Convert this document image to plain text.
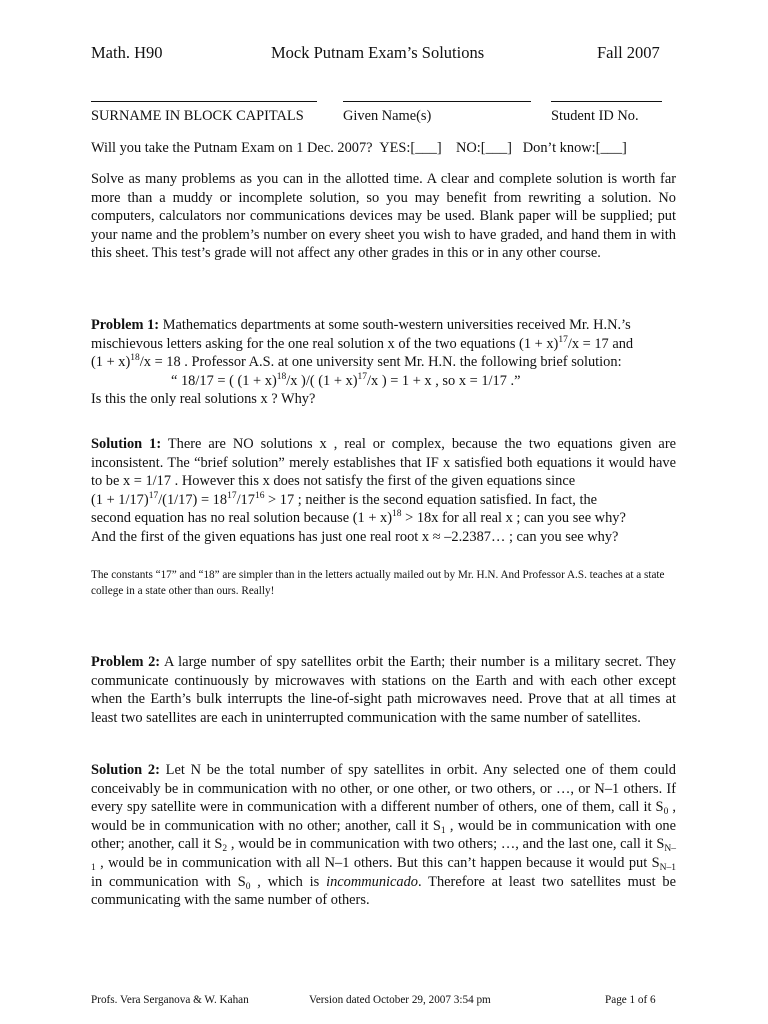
Math. H90	Mock Putnam Exam’s Solutions	Fall 2007
SURNAME IN BLOCK CAPITALS	Given Name(s)	Student ID No.
Will you take the Putnam Exam on 1 Dec. 2007? YES:[___] NO:[___] Don’t know:[___]
Solve as many problems as you can in the allotted time. A clear and complete solution is worth far more than a muddy or incomplete solution, so you may benefit from rewriting a solution. No computers, calculators nor communications devices may be used. Blank paper will be supplied; put your name and the problem’s number on every sheet you wish to have graded, and hand them in with this sheet. This test’s grade will not affect any other grades in this or in any other course.
Problem 1: Mathematics departments at some south-western universities received Mr. H.N.’s
mischievous letters asking for the one real solution x of the two equations $(1 + x)^{17}/x = 17$ and
$(1 + x)^{18}/x = 18$ . Professor A.S. at one university sent Mr. H.N. the following brief solution:

“ 18/17 = ( $(1 + x)^{18}/x$ )/( $(1 + x)^{17}/x$ ) = 1 + x , so x = 1/17 .”
Is this the only real solutions x ? Why?
Solution 1: There are NO solutions x , real or complex, because the two equations given are inconsistent. The “brief solution” merely establishes that IF x satisfied both equations it would have to be x = 1/17 . However this x does not satisfy the first of the given equations since
$(1 + 1/17)^{17}/(1/17) = 18^{17}/17^{16} > 17$ ; neither is the second equation satisfied. In fact, the
second equation has no real solution because $(1 + x)^{18} > 18x$ for all real x ; can you see why?
And the first of the given equations has just one real root x ≈ –2.2387… ; can you see why?
The constants “17” and “18” are simpler than in the letters actually mailed out by Mr. H.N. And Professor A.S. teaches at a state college in a state other than ours. Really!
Problem 2: A large number of spy satellites orbit the Earth; their number is a military secret. They communicate continuously by microwaves with stations on the Earth and with each other except when the Earth’s bulk interrupts the line-of-sight path microwaves need. Prove that at all times at least two satellites are each in uninterrupted communication with the same number of satellites.
Solution 2: Let N be the total number of spy satellites in orbit. Any selected one of them could conceivably be in communication with no other, or one other, or two others, or …, or N–1 others. If every spy satellite were in communication with a different number of others, one of them, call it $S_0$ , would be in communication with no other; another, call it $S_1$ , would be in communication with one other; another, call it $S_2$ , would be in communication with two others; …, and the last one, call it $S_{N-1}$ , would be in communication with all N–1 others. But this can’t happen because it would put $S_{N-1}$ in communication with $S_0$ , which is incommunicado. Therefore at least two satellites must be communicating with the same number of others.
Profs. Vera Serganova & W. Kahan	Version dated October 29, 2007 3:54 pm	Page 1 of 6
